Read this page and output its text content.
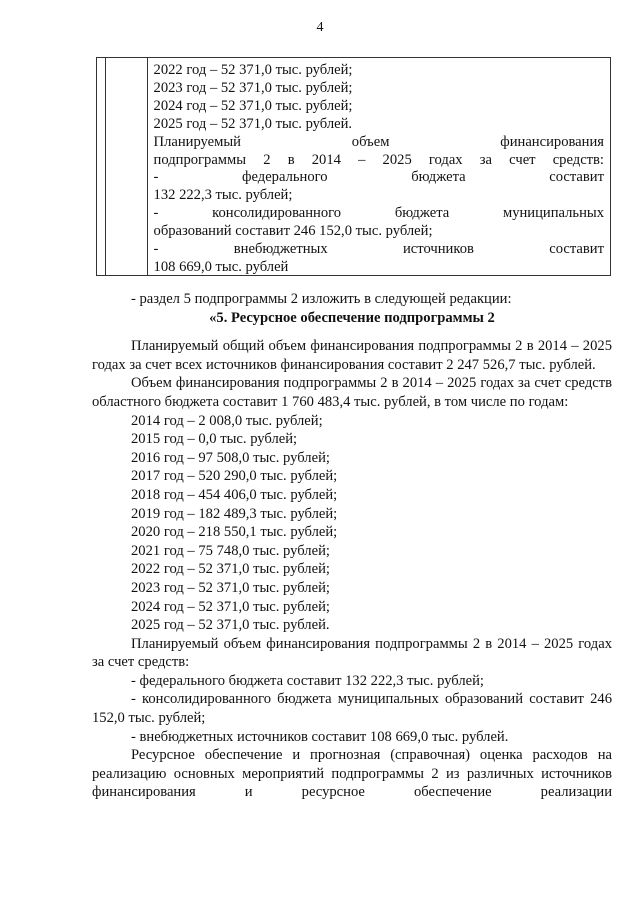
4
2022 год – 52 371,0 тыс. рублей;
2023 год – 52 371,0 тыс. рублей;
2024 год – 52 371,0 тыс. рублей;
2025 год – 52 371,0 тыс. рублей.
Планируемый объем финансирования
подпрограммы 2 в 2014 – 2025 годах за счет средств:
- федерального бюджета составит
132 222,3 тыс. рублей;
- консолидированного бюджета муниципальных
образований составит 246 152,0 тыс. рублей;
- внебюджетных источников составит
108 669,0 тыс. рублей

- раздел 5 подпрограммы 2 изложить в следующей редакции:

«5. Ресурсное обеспечение подпрограммы 2

Планируемый общий объем финансирования подпрограммы 2 в 2014 – 2025 годах за счет всех источников финансирования составит 2 247 526,7 тыс. рублей.

Объем финансирования подпрограммы 2 в 2014 – 2025 годах за счет средств областного бюджета составит 1 760 483,4 тыс. рублей, в том числе по годам:

2014 год – 2 008,0 тыс. рублей;
2015 год – 0,0 тыс. рублей;
2016 год – 97 508,0 тыс. рублей;
2017 год – 520 290,0 тыс. рублей;
2018 год – 454 406,0 тыс. рублей;
2019 год – 182 489,3 тыс. рублей;
2020 год – 218 550,1 тыс. рублей;
2021 год – 75 748,0 тыс. рублей;
2022 год – 52 371,0 тыс. рублей;
2023 год – 52 371,0 тыс. рублей;
2024 год – 52 371,0 тыс. рублей;
2025 год – 52 371,0 тыс. рублей.

Планируемый объем финансирования подпрограммы 2 в 2014 – 2025 годах за счет средств:

- федерального бюджета составит 132 222,3 тыс. рублей;

- консолидированного бюджета муниципальных образований составит 246 152,0 тыс. рублей;

- внебюджетных источников составит 108 669,0 тыс. рублей.

Ресурсное обеспечение и прогнозная (справочная) оценка расходов на реализацию основных мероприятий подпрограммы 2 из различных источников финансирования и ресурсное обеспечение реализации
